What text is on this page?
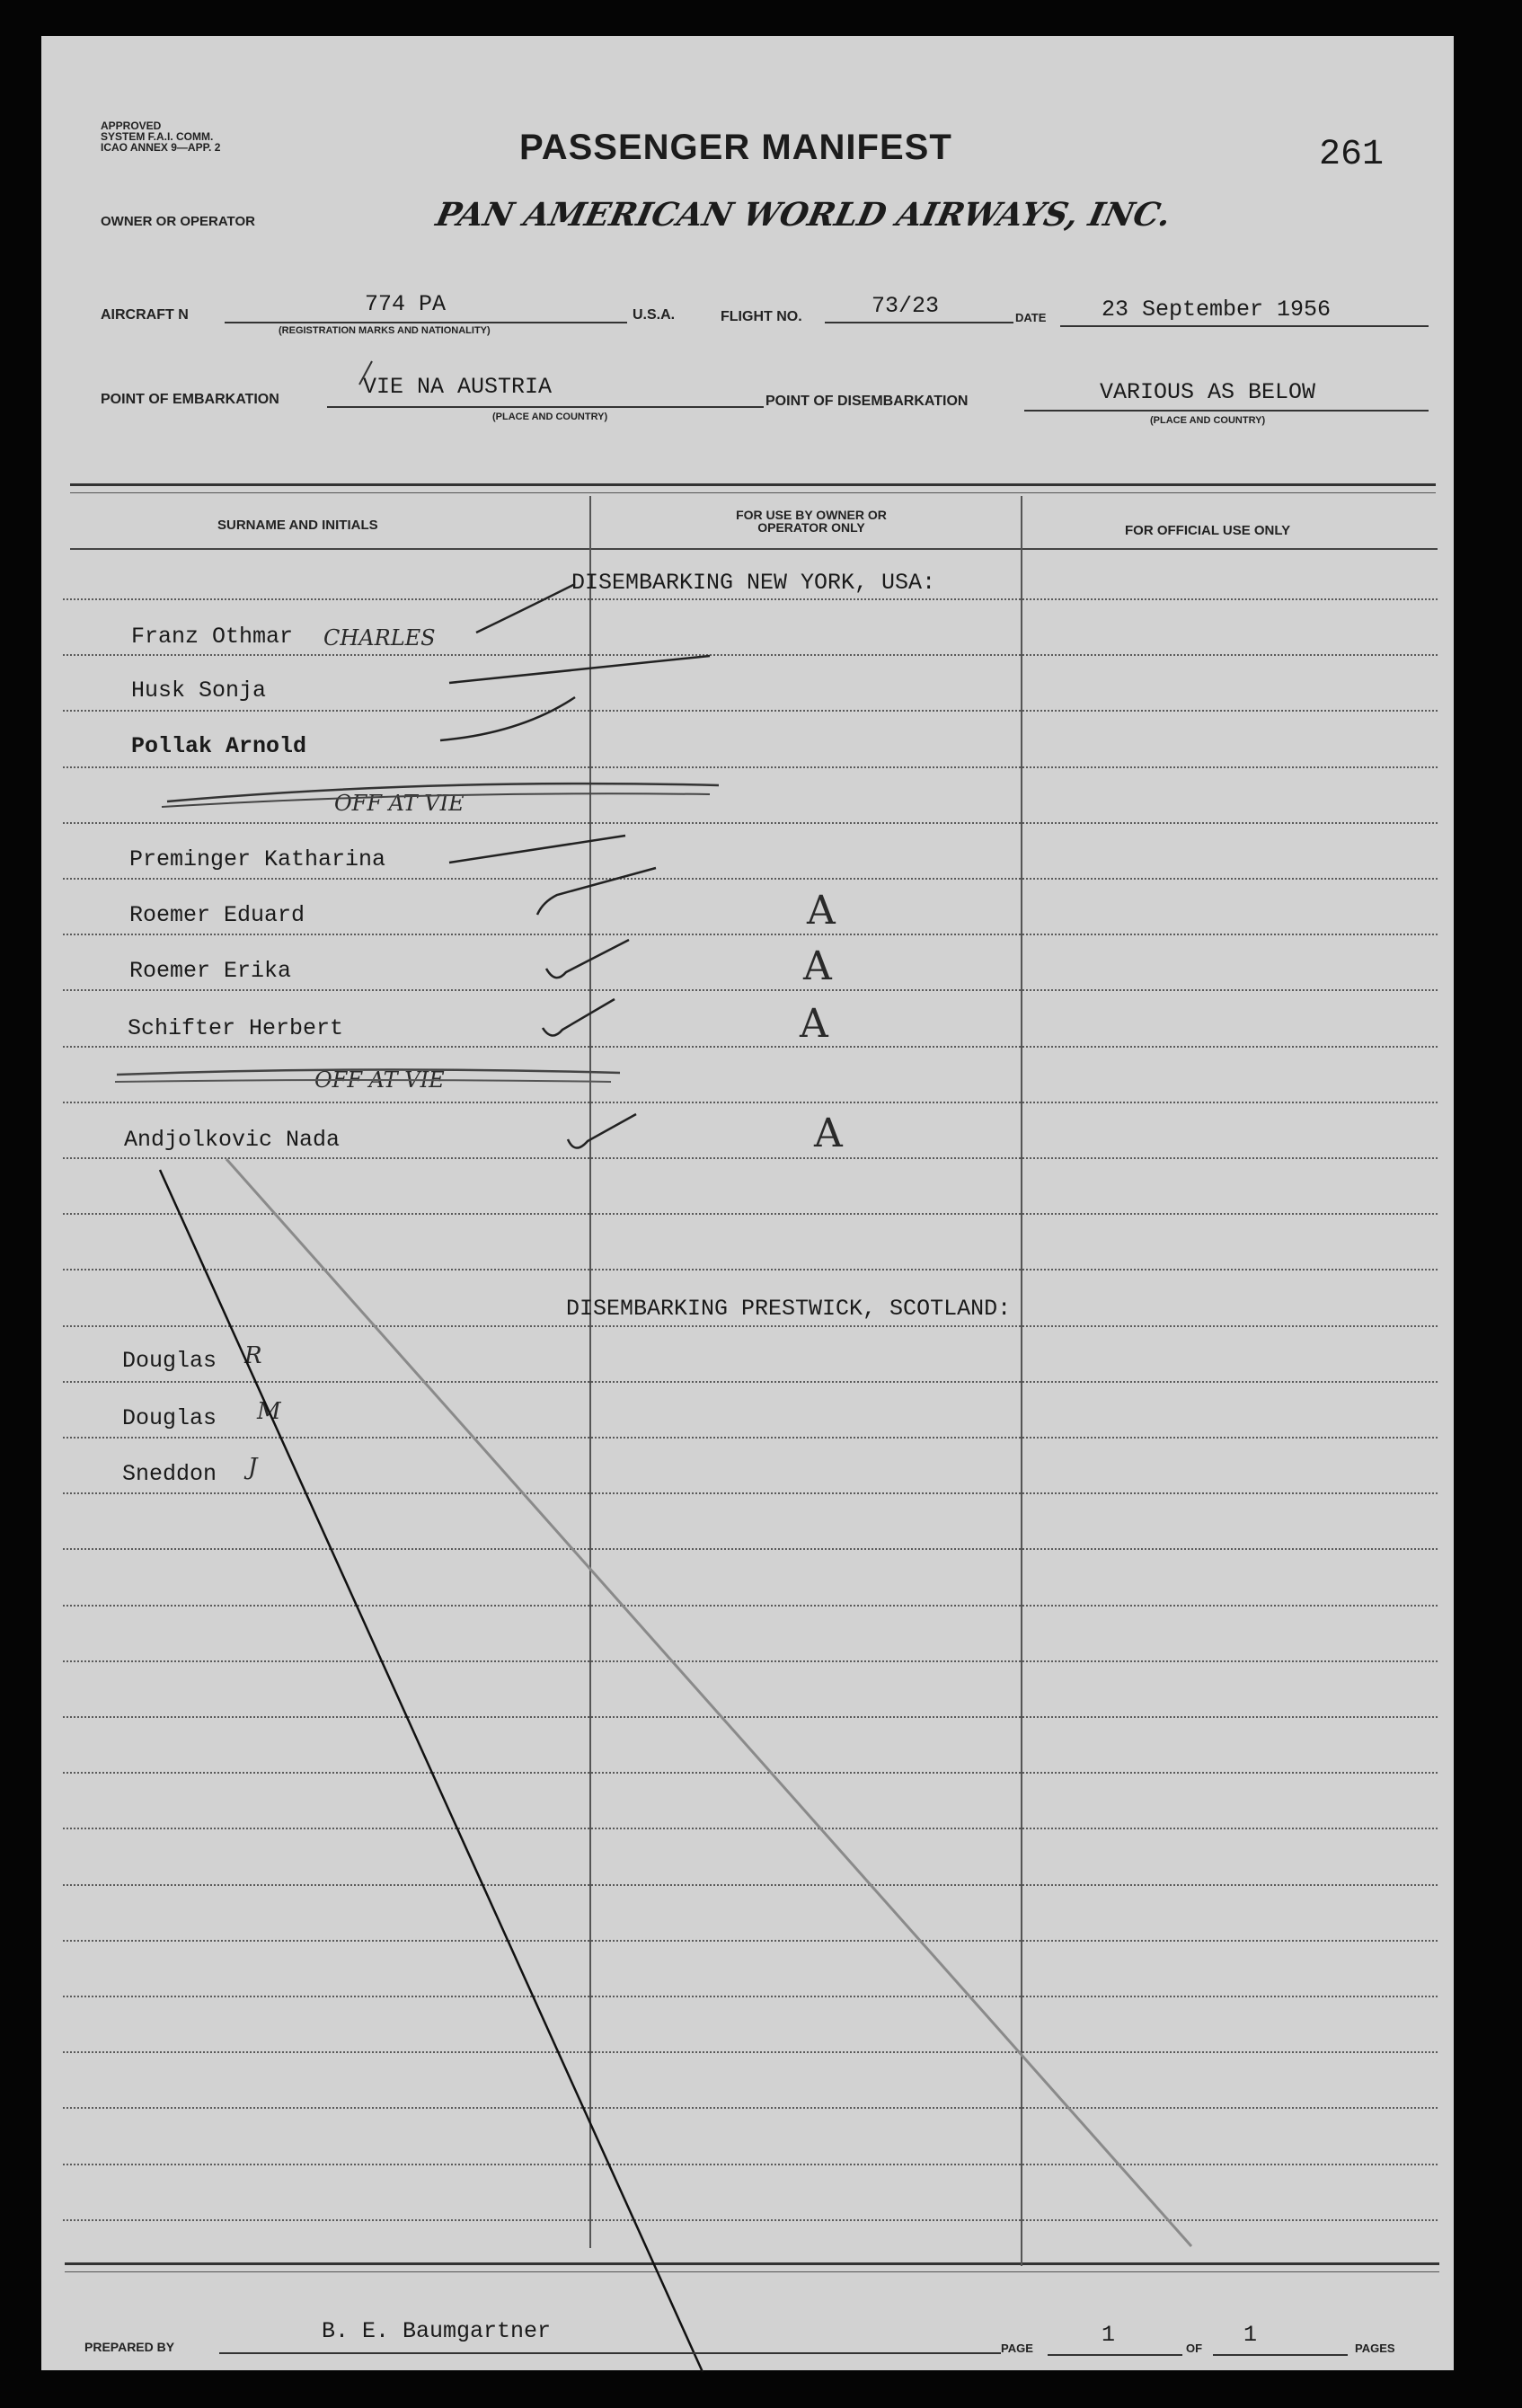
APPROVED
SYSTEM F.A.I. COMM.
ICAO ANNEX 9—APP. 2	PASSENGER MANIFEST	261
OWNER OR OPERATOR	PAN AMERICAN WORLD AIRWAYS, INC.
AIRCRAFT N	774 PA
(REGISTRATION MARKS AND NATIONALITY)
U.S.A.	FLIGHT NO.	73/23	DATE 23 September 1956
POINT OF EMBARKATION	VIE NA AUSTRIA
(PLACE AND COUNTRY)
POINT OF DISEMBARKATION	VARIOUS AS BELOW
(PLACE AND COUNTRY)
SURNAME AND INITIALS
FOR USE BY OWNER OR OPERATOR ONLY	FOR OFFICIAL USE ONLY
DISEMBARKING NEW YORK, USA:
Franz Othmar CHARLES
Husk Sonja
Pollak Arnold
OFF AT VIE
Preminger Katharina
Roemer Eduard	A
Roemer Erika	A
Schifter Herbert	A
OFF AT VIE
Andjolkovic Nada	A
DISEMBARKING PRESTWICK, SCOTLAND:
Douglas R
Douglas M
Sneddon J
PREPARED BY
B. E. Baumgartner
PAGE
1
OF
1
PAGES
